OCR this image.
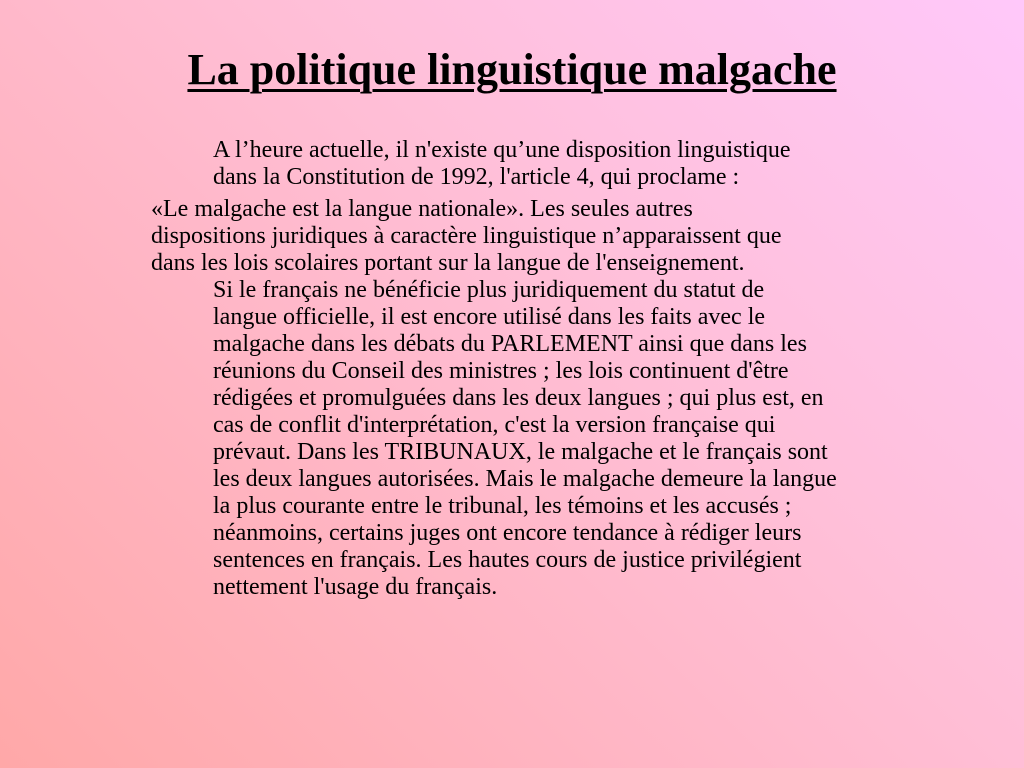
La politique linguistique malgache

A l’heure actuelle, il n'existe qu’une disposition linguistique
dans la Constitution de 1992, l'article 4, qui proclame :

«Le malgache est la langue nationale». Les seules autres
dispositions juridiques à caractère linguistique n’apparaissent que
dans les lois scolaires portant sur la langue de l'enseignement.

Si le français ne bénéficie plus juridiquement du statut de
langue officielle, il est encore utilisé dans les faits avec le
malgache dans les débats du PARLEMENT ainsi que dans les
réunions du Conseil des ministres ; les lois continuent d'être
rédigées et promulguées dans les deux langues ; qui plus est, en
cas de conflit d'interprétation, c'est la version française qui
prévaut. Dans les TRIBUNAUX, le malgache et le français sont
les deux langues autorisées. Mais le malgache demeure la langue
la plus courante entre le tribunal, les témoins et les accusés ;
néanmoins, certains juges ont encore tendance à rédiger leurs
sentences en français. Les hautes cours de justice privilégient
nettement l'usage du français.
